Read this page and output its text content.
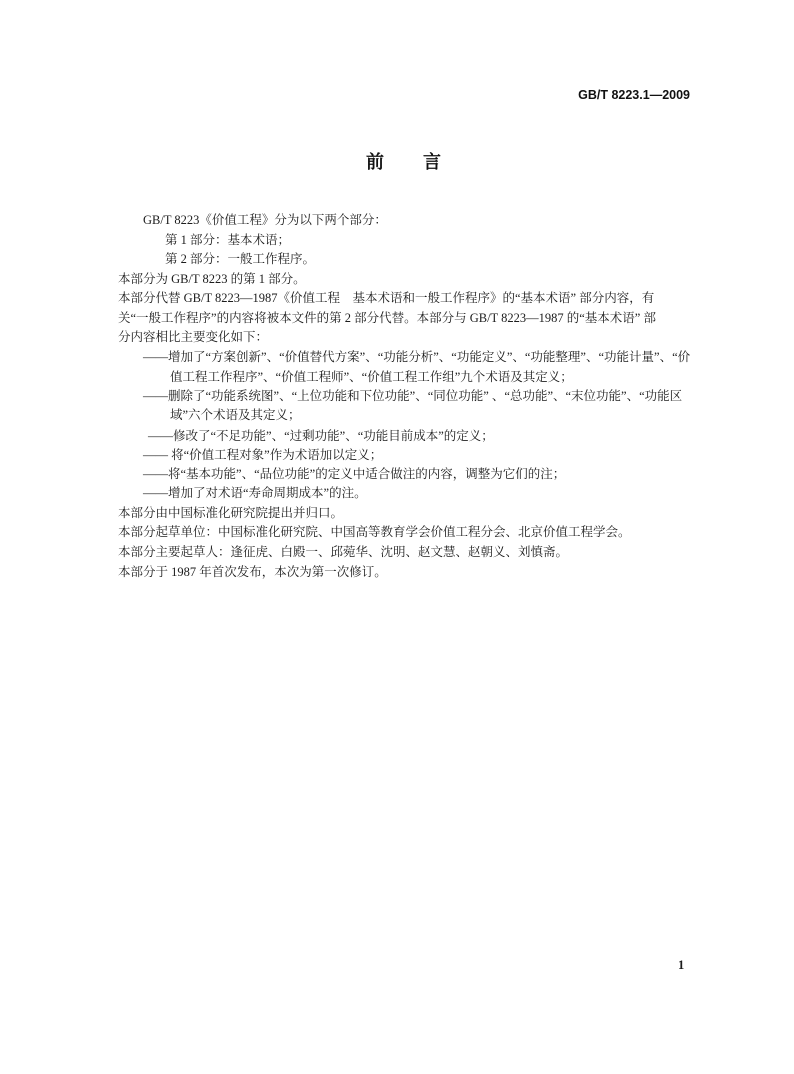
GB/T 8223.1—2009
前　言
GB/T 8223《价值工程》分为以下两个部分：
第 1 部分：基本术语；
第 2 部分：一般工作程序。
本部分为 GB/T 8223 的第 1 部分。
本部分代替 GB/T 8223—1987《价值工程　基本术语和一般工作程序》的“基本术语” 部分内容，有
关“一般工作程序”的内容将被本文件的第 2 部分代替。本部分与 GB/T 8223—1987 的“基本术语” 部
分内容相比主要变化如下：
——增加了“方案创新”、“价值替代方案”、“功能分析”、“功能定义”、“功能整理”、“功能计量”、“价
值工程工作程序”、“价值工程师”、“价值工程工作组”九个术语及其定义；
——删除了“功能系统图”、“上位功能和下位功能”、“同位功能” 、“总功能”、“末位功能”、“功能区
域”六个术语及其定义；
——修改了“不足功能”、“过剩功能”、“功能目前成本”的定义；
—— 将“价值工程对象”作为术语加以定义；
——将“基本功能”、“品位功能”的定义中适合做注的内容，调整为它们的注；
——增加了对术语“寿命周期成本”的注。
本部分由中国标准化研究院提出并归口。
本部分起草单位：中国标准化研究院、中国高等教育学会价值工程分会、北京价值工程学会。
本部分主要起草人：逢征虎、白殿一、邱菀华、沈明、赵文慧、赵朝义、刘慎斋。
本部分于 1987 年首次发布，本次为第一次修订。
1
